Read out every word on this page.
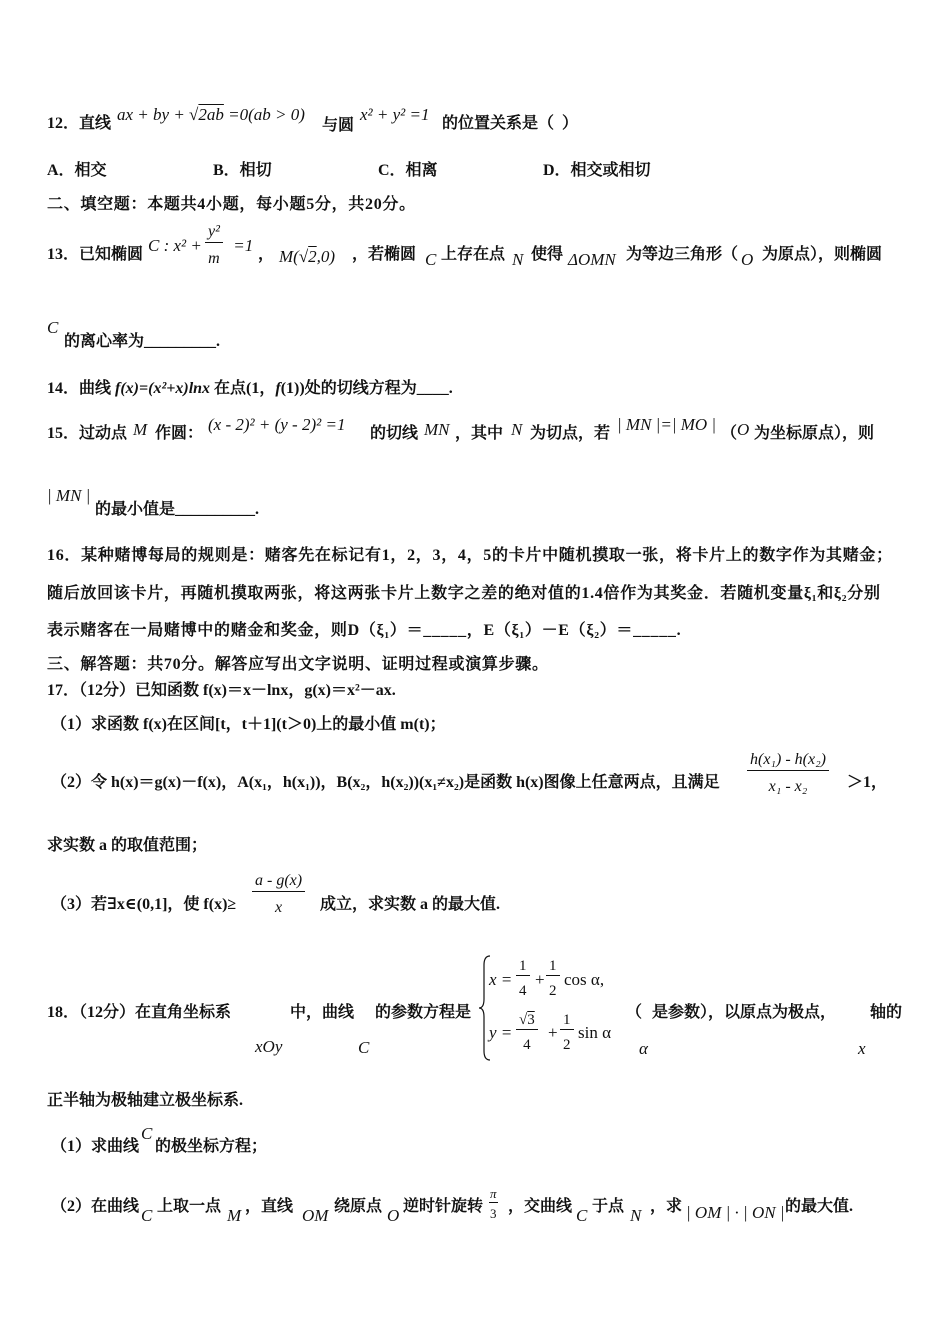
12．直线 ax + by + √2ab =0(ab > 0)
与圆
x² + y² =1 的位置关系是（  ）
A．相交	B．相切	C．相离	D．相交或相切
二、填空题：本题共4小题，每小题5分，共20分。
13．已知椭圆 C : x² +
$\frac{\text{y²}}{m} =1$ ， M(√2,0) ，若椭圆 C 上存在点 N 使得 ΔOMN 为等边三角形（ O 为原点），则椭圆
C
的离心率为_________.
14．曲线 f(x)=(x²+x)lnx 在点(1，f(1))处的切线方程为____.
15．过动点 M 作圆： (x - 2)² + (y - 2)² =1 的切线 MN ，其中 N 为切点，若 | MN |=| MO | （ O 为坐标原点），则
| MN |
的最小值是__________.
16．某种赌博每局的规则是：赌客先在标记有1，2，3，4，5的卡片中随机摸取一张，将卡片上的数字作为其赌金；
随后放回该卡片，再随机摸取两张，将这两张卡片上数字之差的绝对值的1.4倍作为其奖金．若随机变量ξ₁和ξ₂分别
表示赌客在一局赌博中的赌金和奖金，则D（ξ₁）＝_____，E（ξ₁）－E（ξ₂）＝_____.
三、解答题：共70分。解答应写出文字说明、证明过程或演算步骤。
17．（12分）已知函数 f(x)＝x－lnx，g(x)＝x²－ax.
（1）求函数 f(x)在区间[t，t＋1](t＞0)上的最小值 m(t)；
（2）令 h(x)＝g(x)－f(x)，A(x₁，h(x₁))，B(x₂，h(x₂))(x₁≠x₂)是函数 h(x)图像上任意两点，且满足 $\frac{\text{h(x₁) - h(x₂)}}{\text{x₁ - x₂}} >1$，
求实数 a 的取值范围；
（3）若∃x∈(0,1]，使 $f(x)\ge \frac{a - g(x)}{x}$ 成立，求实数 a 的最大值.
18．（12分）在直角坐标系
xOy
中，曲线
C
的参数方程是
$x = \frac{1}{4} + \frac{1}{2}$ cos α,
$y = \frac{√3}{4} + \frac{1}{2}$ sin α
（
α
是参数），以原点为极点，
x
轴的
正半轴为极轴建立极坐标系.
（1）求曲线
C
的极坐标方程；
（2）在曲线 C 上取一点 M ，直线 OM 绕原点 O 逆时针旋转 $\frac{\pi}{3}$ ，交曲线 C 于点 N ，求 | OM | · | ON | 的最大值.
